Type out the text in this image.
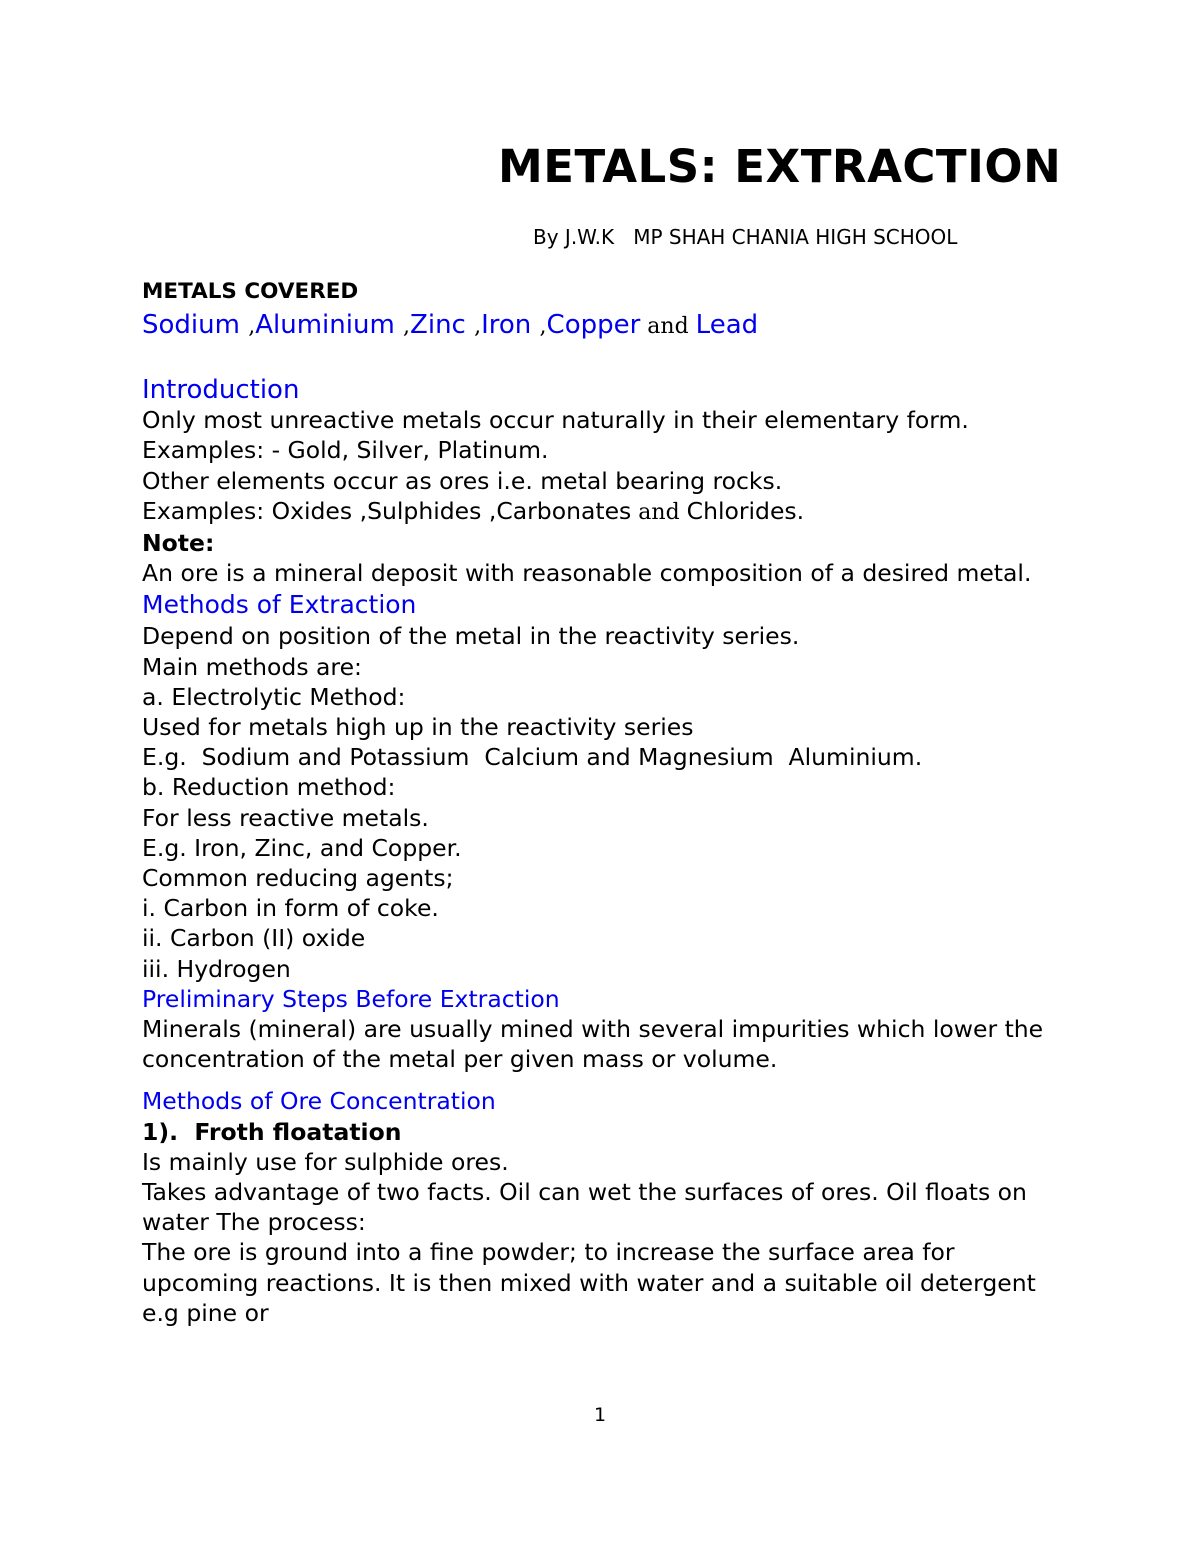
METALS: EXTRACTION
By J.W.K   MP SHAH CHANIA HIGH SCHOOL
METALS COVERED
Sodium ,Aluminium ,Zinc ,Iron ,Copper and Lead
Introduction
Only most unreactive metals occur naturally in their elementary form.
Examples: - Gold, Silver, Platinum.
Other elements occur as ores i.e. metal bearing rocks.
Examples: Oxides ,Sulphides ,Carbonates and Chlorides.
Note:
An ore is a mineral deposit with reasonable composition of a desired metal.
Methods of Extraction
Depend on position of the metal in the reactivity series.
Main methods are:
a. Electrolytic Method:
Used for metals high up in the reactivity series
E.g.  Sodium and Potassium  Calcium and Magnesium  Aluminium.
b. Reduction method:
For less reactive metals.
E.g. Iron, Zinc, and Copper.
Common reducing agents;
i. Carbon in form of coke.
ii. Carbon (II) oxide
iii. Hydrogen
Preliminary Steps Before Extraction
Minerals (mineral) are usually mined with several impurities which lower the concentration of the metal per given mass or volume.
Methods of Ore Concentration
1).  Froth floatation
Is mainly use for sulphide ores.
Takes advantage of two facts. Oil can wet the surfaces of ores. Oil floats on water The process:
The ore is ground into a fine powder; to increase the surface area for upcoming reactions. It is then mixed with water and a suitable oil detergent e.g pine or
1
